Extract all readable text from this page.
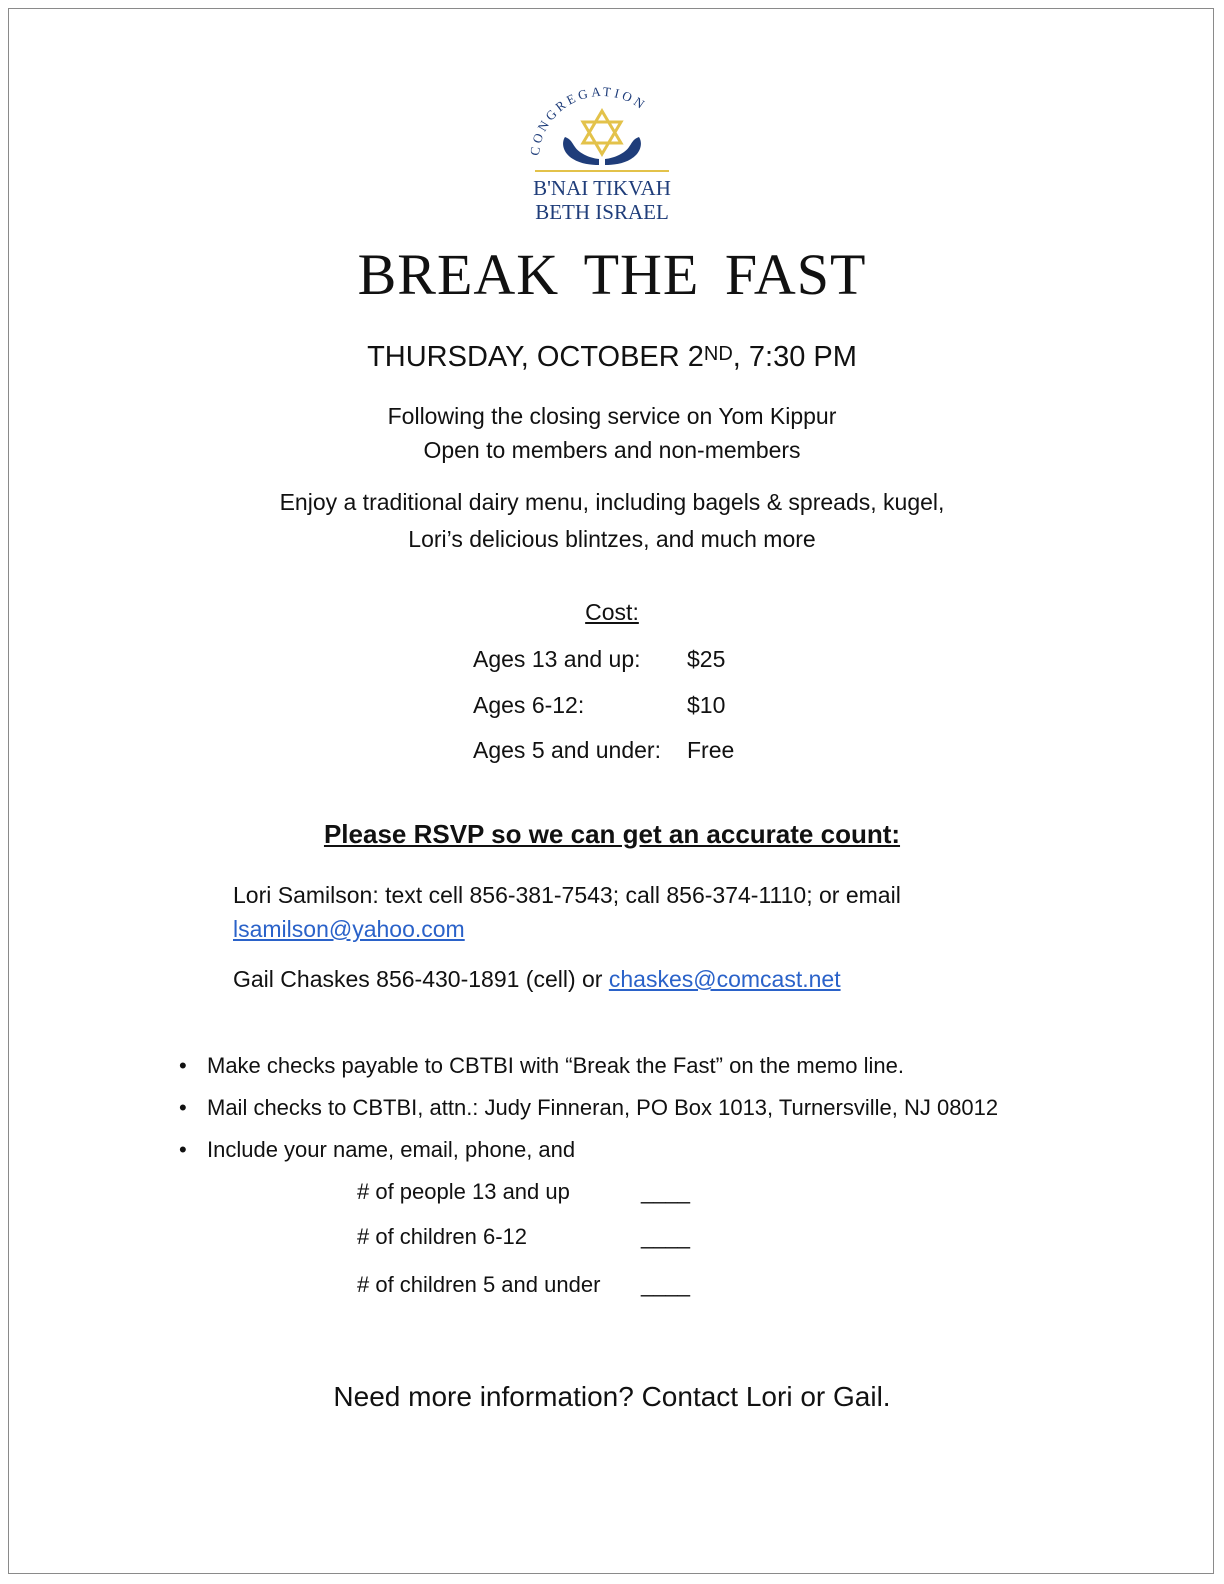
CONGREGATION
B'NAI TIKVAH
BETH ISRAEL
BREAK THE FAST
THURSDAY, OCTOBER 2ND, 7:30 PM
Following the closing service on Yom Kippur
Open to members and non-members
Enjoy a traditional dairy menu, including bagels & spreads, kugel,
Lori’s delicious blintzes, and much more
Cost:
Ages 13 and up: $25
Ages 6-12:	$10
Ages 5 and under: Free
Please RSVP so we can get an accurate count:
Lori Samilson: text cell 856-381-7543; call 856-374-1110; or email
lsamilson@yahoo.com
Gail Chaskes 856-430-1891 (cell) or chaskes@comcast.net
• Make checks payable to CBTBI with “Break the Fast” on the memo line.
• Mail checks to CBTBI, attn.: Judy Finneran, PO Box 1013, Turnersville, NJ 08012
• Include your name, email, phone, and
# of people 13 and up	____
# of children 6-12	____
# of children 5 and under ____
Need more information? Contact Lori or Gail.
